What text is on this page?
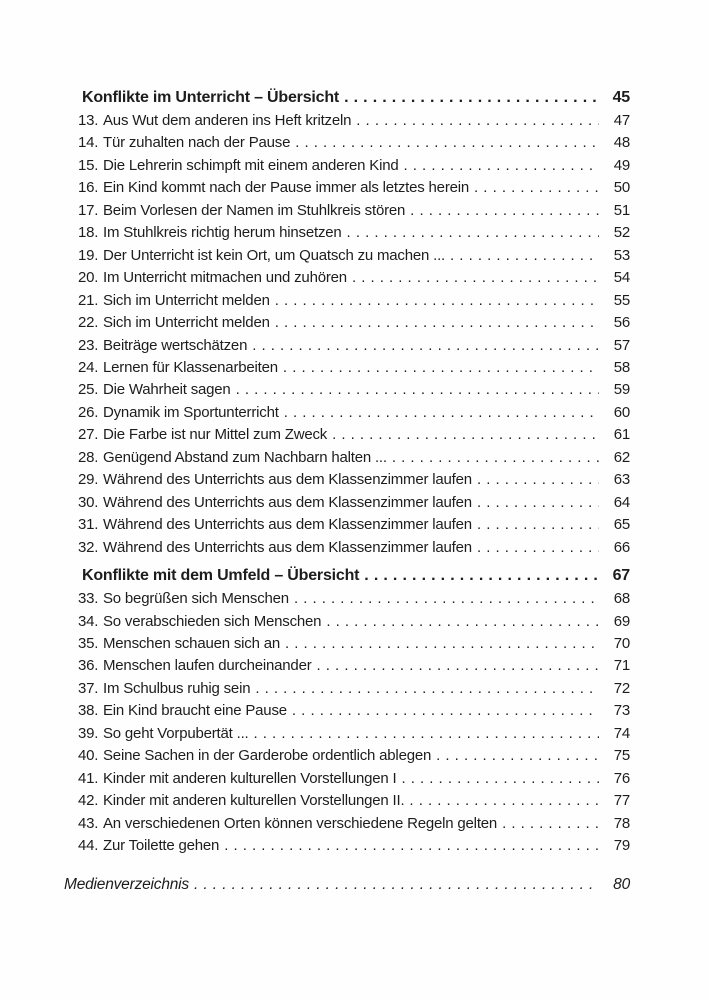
Konflikte im Unterricht – Übersicht .....	45
13. Aus Wut dem anderen ins Heft kritzeln .....	47
14. Tür zuhalten nach der Pause .....	48
15. Die Lehrerin schimpft mit einem anderen Kind .....	49
16. Ein Kind kommt nach der Pause immer als letztes herein .....	50
17. Beim Vorlesen der Namen im Stuhlkreis stören .....	51
18. Im Stuhlkreis richtig herum hinsetzen .....	52
19. Der Unterricht ist kein Ort, um Quatsch zu machen ... .....	53
20. Im Unterricht mitmachen und zuhören .....	54
21. Sich im Unterricht melden .....	55
22. Sich im Unterricht melden .....	56
23. Beiträge wertschätzen .....	57
24. Lernen für Klassenarbeiten .....	58
25. Die Wahrheit sagen .....	59
26. Dynamik im Sportunterricht .....	60
27. Die Farbe ist nur Mittel zum Zweck .....	61
28. Genügend Abstand zum Nachbarn halten ... .....	62
29. Während des Unterrichts aus dem Klassenzimmer laufen .....	63
30. Während des Unterrichts aus dem Klassenzimmer laufen .....	64
31. Während des Unterrichts aus dem Klassenzimmer laufen .....	65
32. Während des Unterrichts aus dem Klassenzimmer laufen .....	66
Konflikte mit dem Umfeld – Übersicht .....	67
33. So begrüßen sich Menschen .....	68
34. So verabschieden sich Menschen .....	69
35. Menschen schauen sich an .....	70
36. Menschen laufen durcheinander .....	71
37. Im Schulbus ruhig sein .....	72
38. Ein Kind braucht eine Pause .....	73
39. So geht Vorpubertät ... .....	74
40. Seine Sachen in der Garderobe ordentlich ablegen .....	75
41. Kinder mit anderen kulturellen Vorstellungen I .....	76
42. Kinder mit anderen kulturellen Vorstellungen II. .....	77
43. An verschiedenen Orten können verschiedene Regeln gelten .....	78
44. Zur Toilette gehen .....	79
Medienverzeichnis .....	80
